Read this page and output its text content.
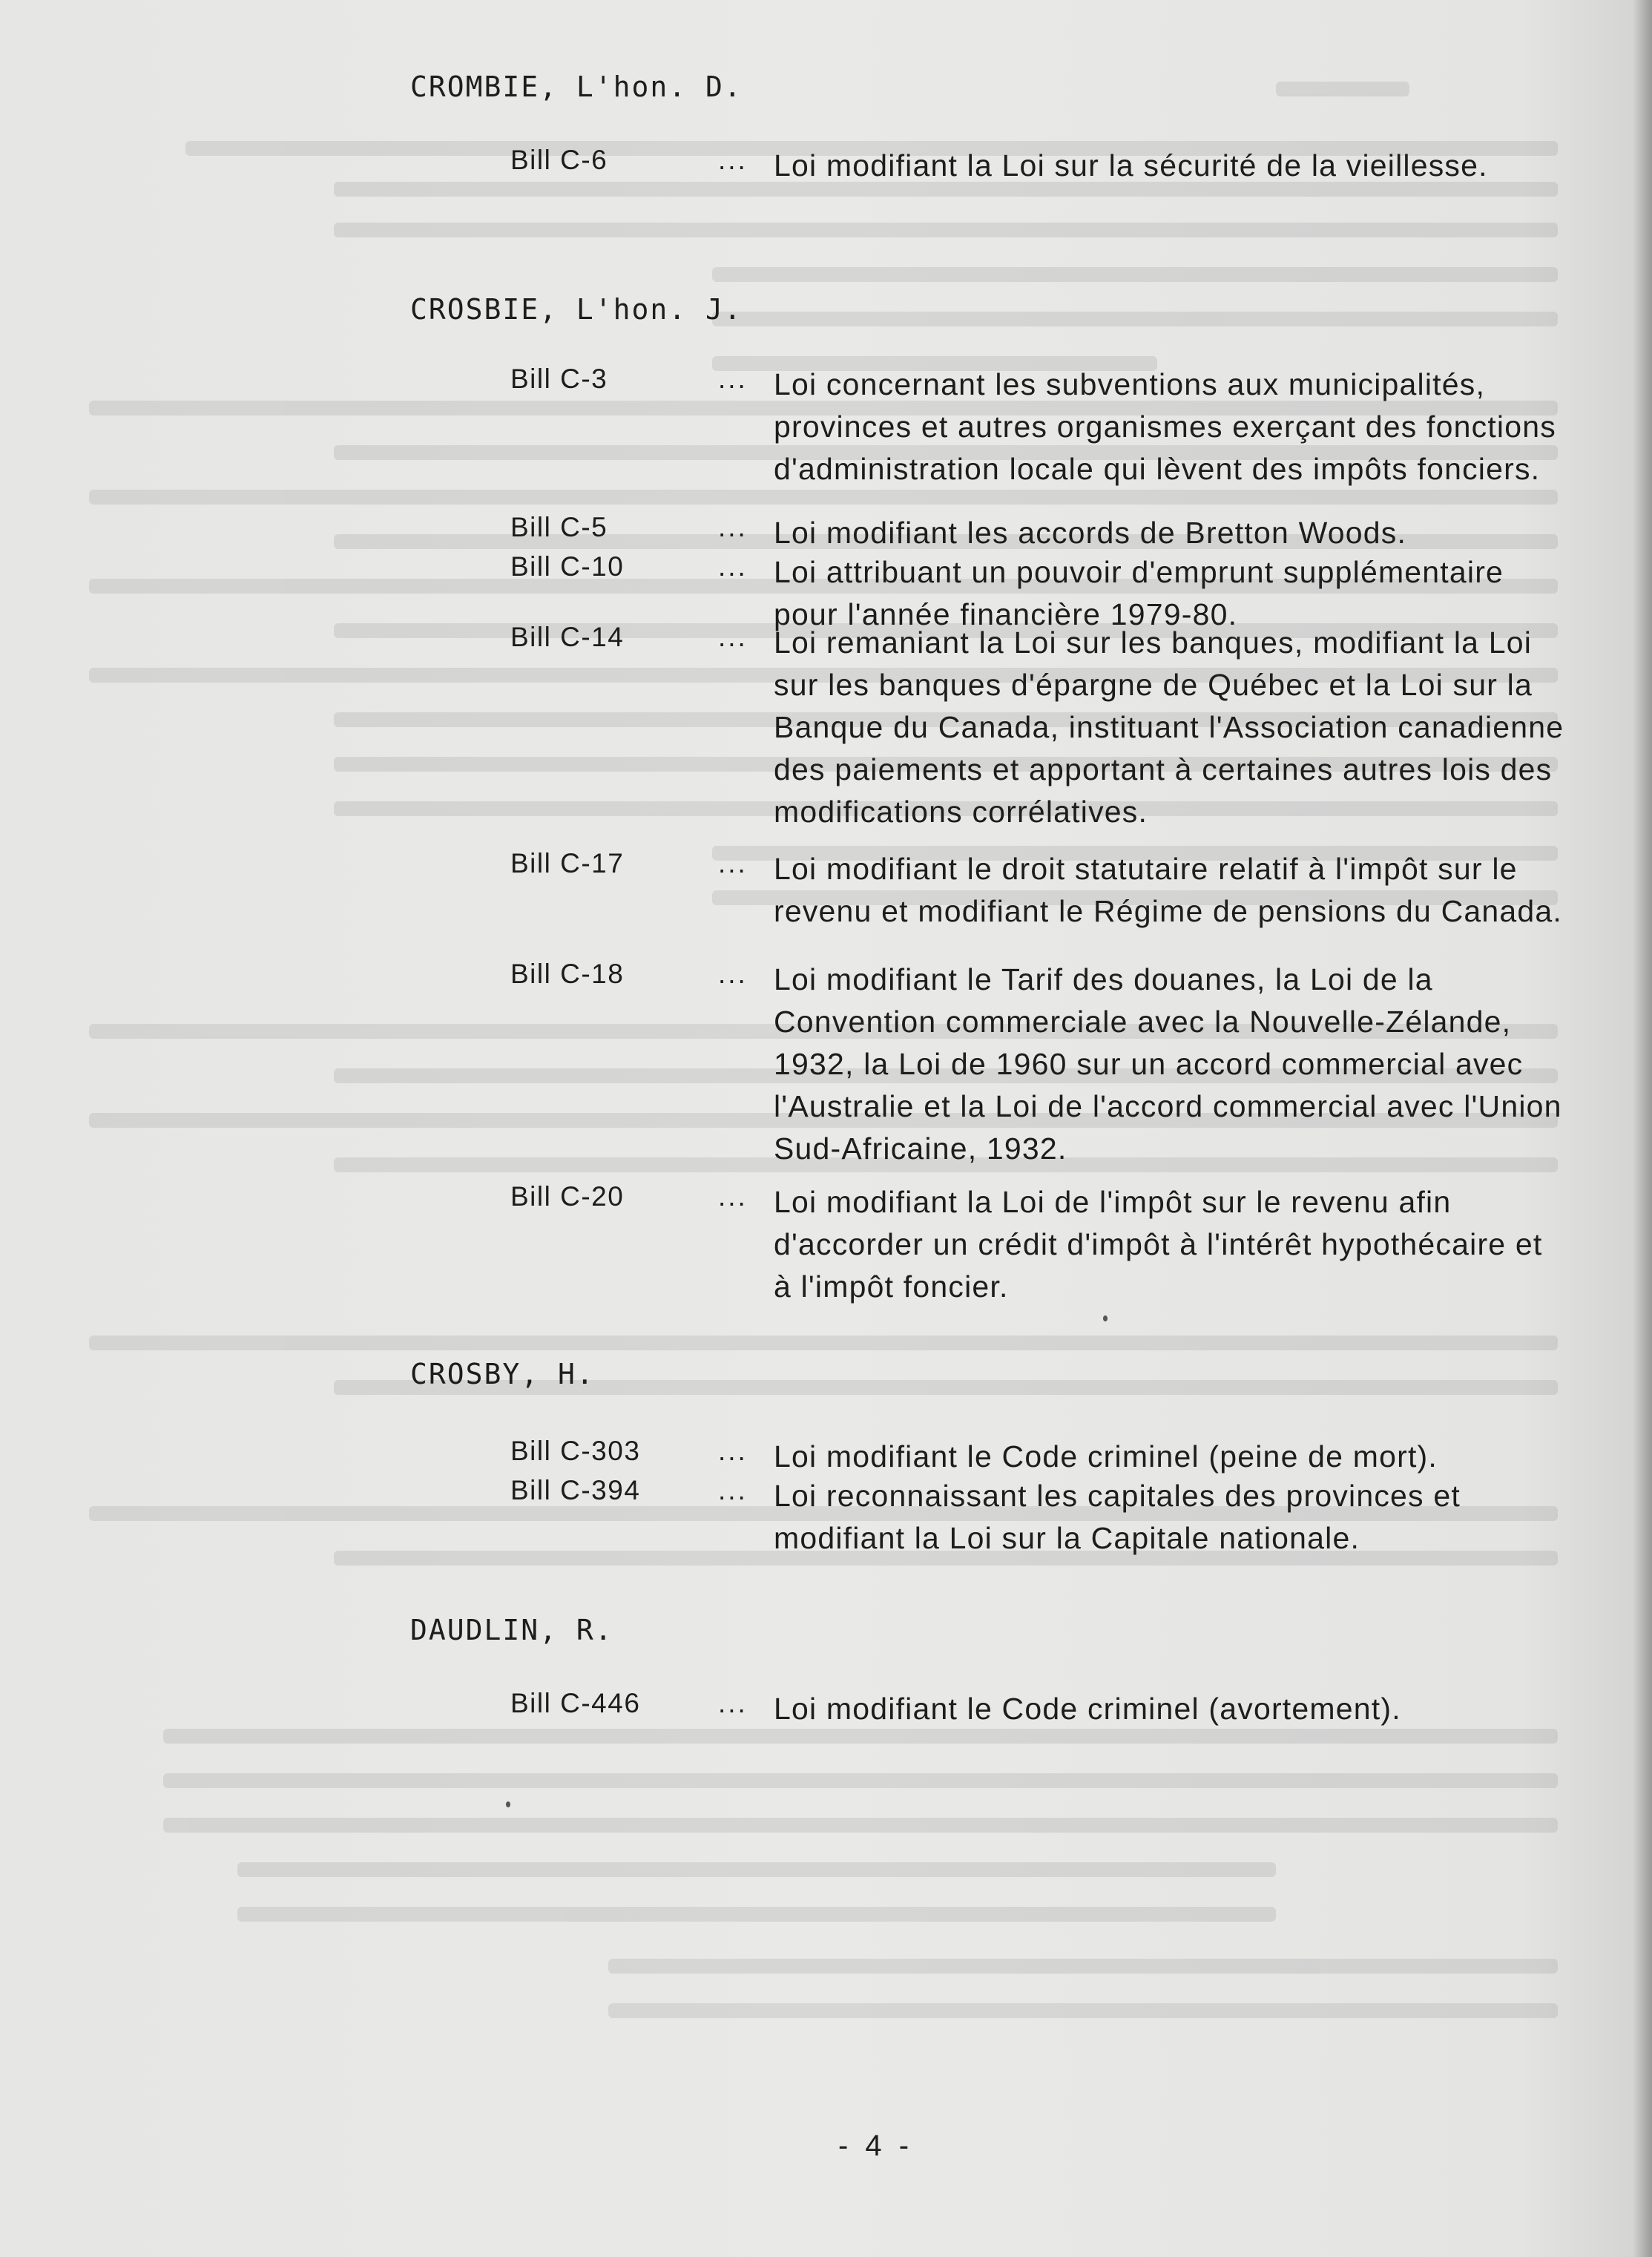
CROMBIE, L'hon. D.
Bill C-6	... Loi modifiant la Loi sur la sécurité de la vieillesse.
CROSBIE, L'hon. J.
Bill C-3	... Loi concernant les subventions aux municipalités, provinces et autres organismes exerçant des fonctions d'administration locale qui lèvent des impôts fonciers.
Bill C-5	... Loi modifiant les accords de Bretton Woods.
Bill C-10	... Loi attribuant un pouvoir d'emprunt supplémentaire pour l'année financière 1979-80.
Bill C-14	... Loi remaniant la Loi sur les banques, modifiant la Loi sur les banques d'épargne de Québec et la Loi sur la Banque du Canada, instituant l'Association canadienne des paiements et apportant à certaines autres lois des modifications corrélatives.
Bill C-17	... Loi modifiant le droit statutaire relatif à l'impôt sur le revenu et modifiant le Régime de pensions du Canada.
Bill C-18	... Loi modifiant le Tarif des douanes, la Loi de la Convention commerciale avec la Nouvelle-Zélande, 1932, la Loi de 1960 sur un accord commercial avec l'Australie et la Loi de l'accord commercial avec l'Union Sud-Africaine, 1932.
Bill C-20	... Loi modifiant la Loi de l'impôt sur le revenu afin d'accorder un crédit d'impôt à l'intérêt hypothécaire et à l'impôt foncier.
CROSBY, H.
Bill C-303	... Loi modifiant le Code criminel (peine de mort).
Bill C-394	... Loi reconnaissant les capitales des provinces et modifiant la Loi sur la Capitale nationale.
DAUDLIN, R.
Bill C-446	... Loi modifiant le Code criminel (avortement).
- 4 -
